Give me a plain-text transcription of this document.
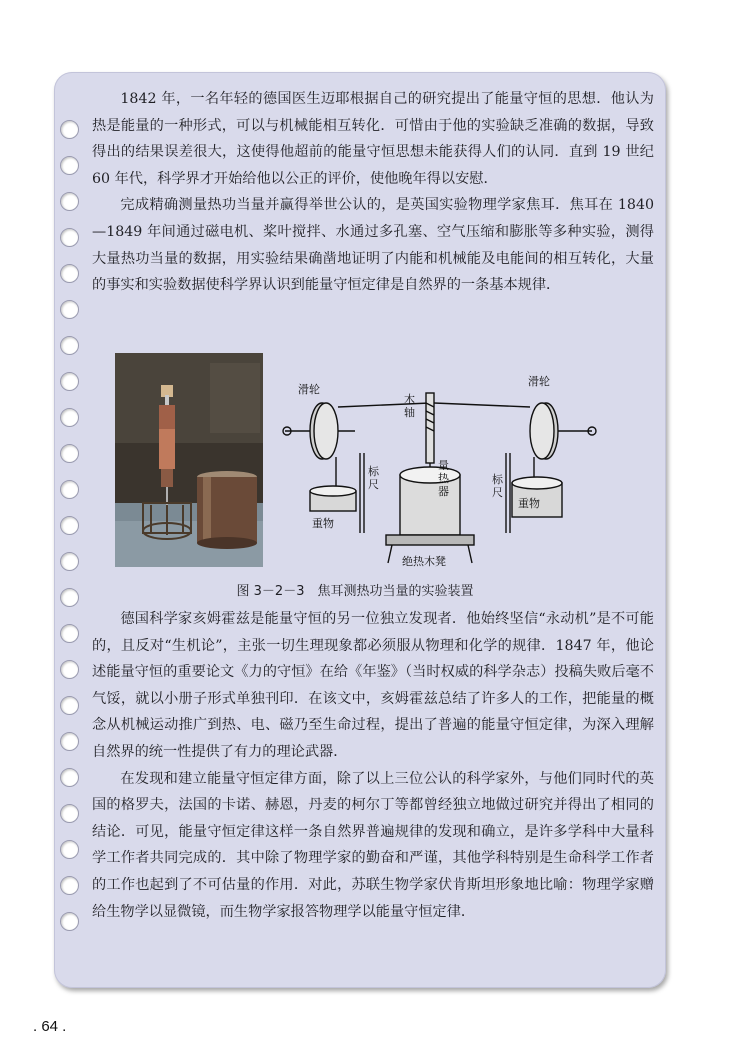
1842 年，一名年轻的德国医生迈耶根据自己的研究提出了能量守恒的思想．他认为热是能量的一种形式，可以与机械能相互转化．可惜由于他的实验缺乏准确的数据，导致得出的结果误差很大，这使得他超前的能量守恒思想未能获得人们的认同．直到 19 世纪 60 年代，科学界才开始给他以公正的评价，使他晚年得以安慰．

完成精确测量热功当量并赢得举世公认的，是英国实验物理学家焦耳．焦耳在 1840—1849 年间通过磁电机、桨叶搅拌、水通过多孔塞、空气压缩和膨胀等多种实验，测得大量热功当量的数据，用实验结果确凿地证明了内能和机械能及电能间的相互转化，大量的事实和实验数据使科学界认识到能量守恒定律是自然界的一条基本规律．

滑轮
滑轮
木轴
标尺	标尺
重物
重物
量热器
绝热木凳
图 3－2－3　焦耳测热功当量的实验装置

德国科学家亥姆霍兹是能量守恒的另一位独立发现者．他始终坚信“永动机”是不可能的，且反对“生机论”，主张一切生理现象都必须服从物理和化学的规律．1847 年，他论述能量守恒的重要论文《力的守恒》在给《年鉴》（当时权威的科学杂志）投稿失败后毫不气馁，就以小册子形式单独刊印．在该文中，亥姆霍兹总结了许多人的工作，把能量的概念从机械运动推广到热、电、磁乃至生命过程，提出了普遍的能量守恒定律，为深入理解自然界的统一性提供了有力的理论武器．

在发现和建立能量守恒定律方面，除了以上三位公认的科学家外，与他们同时代的英国的格罗夫，法国的卡诺、赫恩，丹麦的柯尔丁等都曾经独立地做过研究并得出了相同的结论．可见，能量守恒定律这样一条自然界普遍规律的发现和确立，是许多学科中大量科学工作者共同完成的．其中除了物理学家的勤奋和严谨，其他学科特别是生命科学工作者的工作也起到了不可估量的作用．对此，苏联生物学家伏肯斯坦形象地比喻：物理学家赠给生物学以显微镜，而生物学家报答物理学以能量守恒定律．

. 64 .
